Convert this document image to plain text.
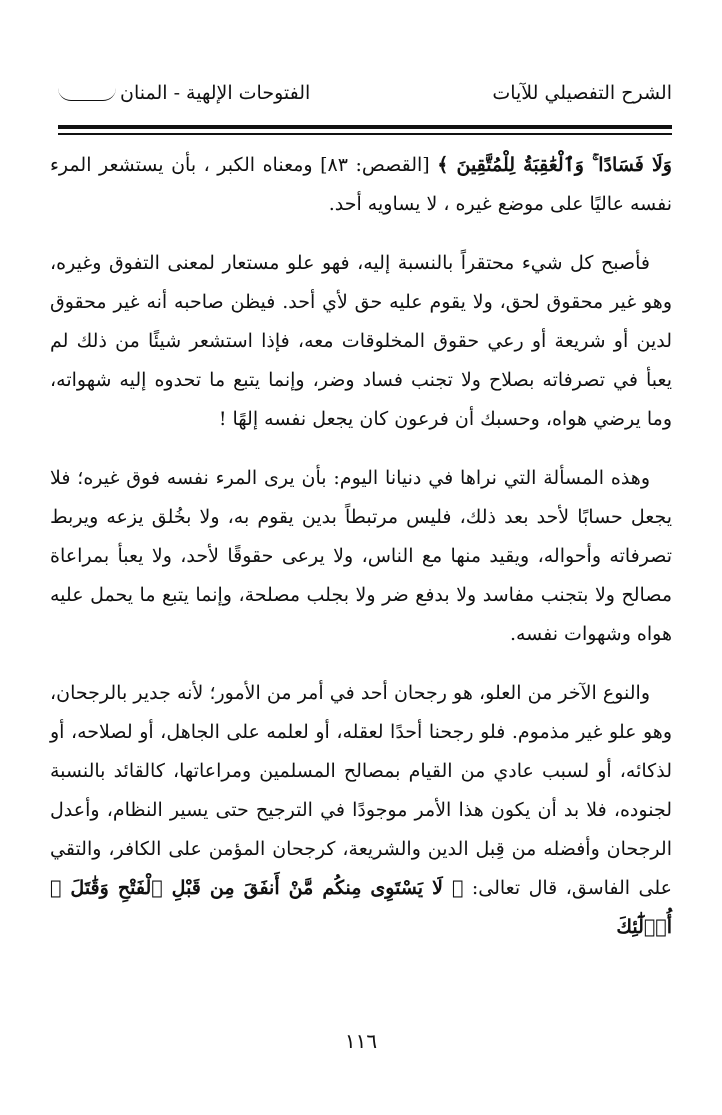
الشرح التفصيلي للآيات
الفتوحات الإلهية - المنان

وَلَا فَسَادًا ۚ وَٱلْعَٰقِبَةُ لِلْمُتَّقِينَ ﴾ [القصص: ٨٣] ومعناه الكبر ، بأن يستشعر المرء نفسه عاليًا على موضع غيره ، لا يساويه أحد.

فأصبح كل شيء محتقراً بالنسبة إليه، فهو علو مستعار لمعنى التفوق وغيره، وهو غير محقوق لحق، ولا يقوم عليه حق لأي أحد. فيظن صاحبه أنه غير محقوق لدين أو شريعة أو رعي حقوق المخلوقات معه، فإذا استشعر شيئًا من ذلك لم يعبأ في تصرفاته بصلاح ولا تجنب فساد وضر، وإنما يتبع ما تحدوه إليه شهواته، وما يرضي هواه، وحسبك أن فرعون كان يجعل نفسه إلهًا !

وهذه المسألة التي نراها في دنيانا اليوم: بأن يرى المرء نفسه فوق غيره؛ فلا يجعل حسابًا لأحد بعد ذلك، فليس مرتبطاً بدين يقوم به، ولا بخُلق يزعه ويربط تصرفاته وأحواله، ويقيد منها مع الناس، ولا يرعى حقوقًا لأحد، ولا يعبأ بمراعاة مصالح ولا بتجنب مفاسد ولا بدفع ضر ولا بجلب مصلحة، وإنما يتبع ما يحمل عليه هواه وشهوات نفسه.

والنوع الآخر من العلو، هو رجحان أحد في أمر من الأمور؛ لأنه جدير بالرجحان، وهو علو غير مذموم. فلو رجحنا أحدًا لعقله، أو لعلمه على الجاهل، أو لصلاحه، أو لذكائه، أو لسبب عادي من القيام بمصالح المسلمين ومراعاتها، كالقائد بالنسبة لجنوده، فلا بد أن يكون هذا الأمر موجودًا في الترجيح حتى يسير النظام، وأعدل الرجحان وأفضله من قِبل الدين والشريعة، كرجحان المؤمن على الكافر، والتقي على الفاسق، قال تعالى: ﴿ لَا يَسْتَوِى مِنكُم مَّنْ أَنفَقَ مِن قَبْلِ ٱلْفَتْحِ وَقَٰتَلَ ۚ أُو۟لَٰٓئِكَ

١١٦
